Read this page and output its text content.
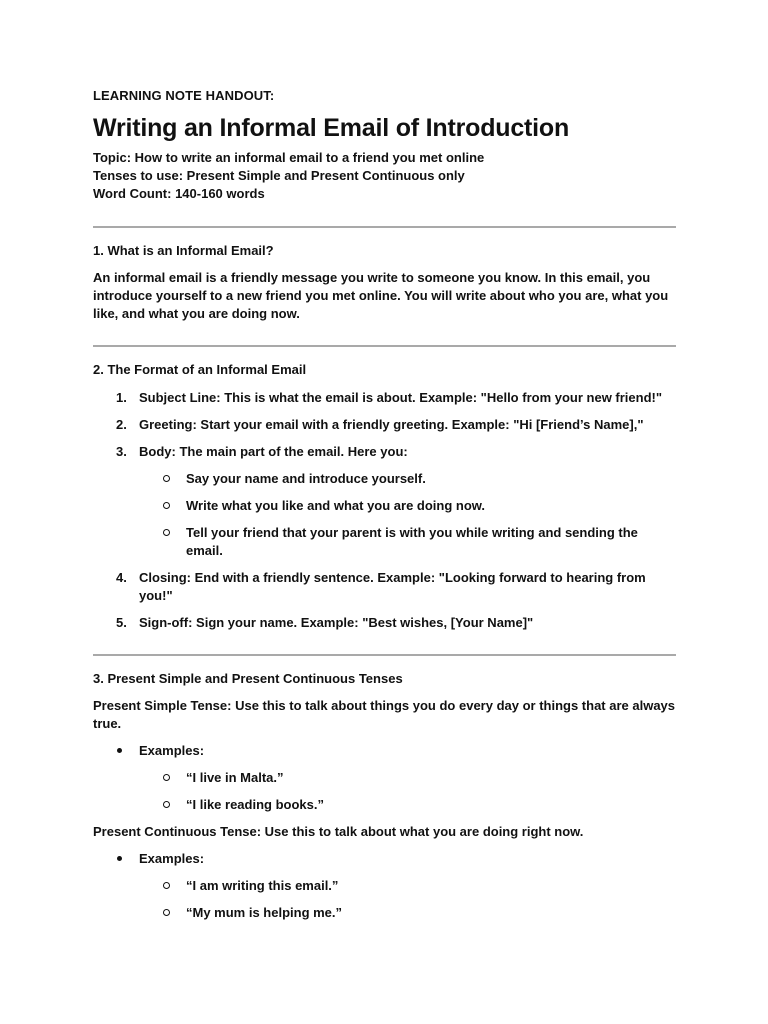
LEARNING NOTE HANDOUT:
Writing an Informal Email of Introduction
Topic: How to write an informal email to a friend you met online
Tenses to use: Present Simple and Present Continuous only
Word Count: 140-160 words
1. What is an Informal Email?
An informal email is a friendly message you write to someone you know. In this email, you introduce yourself to a new friend you met online. You will write about who you are, what you like, and what you are doing now.
2. The Format of an Informal Email
1. Subject Line: This is what the email is about. Example: "Hello from your new friend!"
2. Greeting: Start your email with a friendly greeting. Example: "Hi [Friend’s Name],"
3. Body: The main part of the email. Here you:
Say your name and introduce yourself.
Write what you like and what you are doing now.
Tell your friend that your parent is with you while writing and sending the email.
4. Closing: End with a friendly sentence. Example: "Looking forward to hearing from you!"
5. Sign-off: Sign your name. Example: "Best wishes, [Your Name]"
3. Present Simple and Present Continuous Tenses
Present Simple Tense: Use this to talk about things you do every day or things that are always true.
Examples:
“I live in Malta.”
“I like reading books.”
Present Continuous Tense: Use this to talk about what you are doing right now.
Examples:
“I am writing this email.”
“My mum is helping me.”
